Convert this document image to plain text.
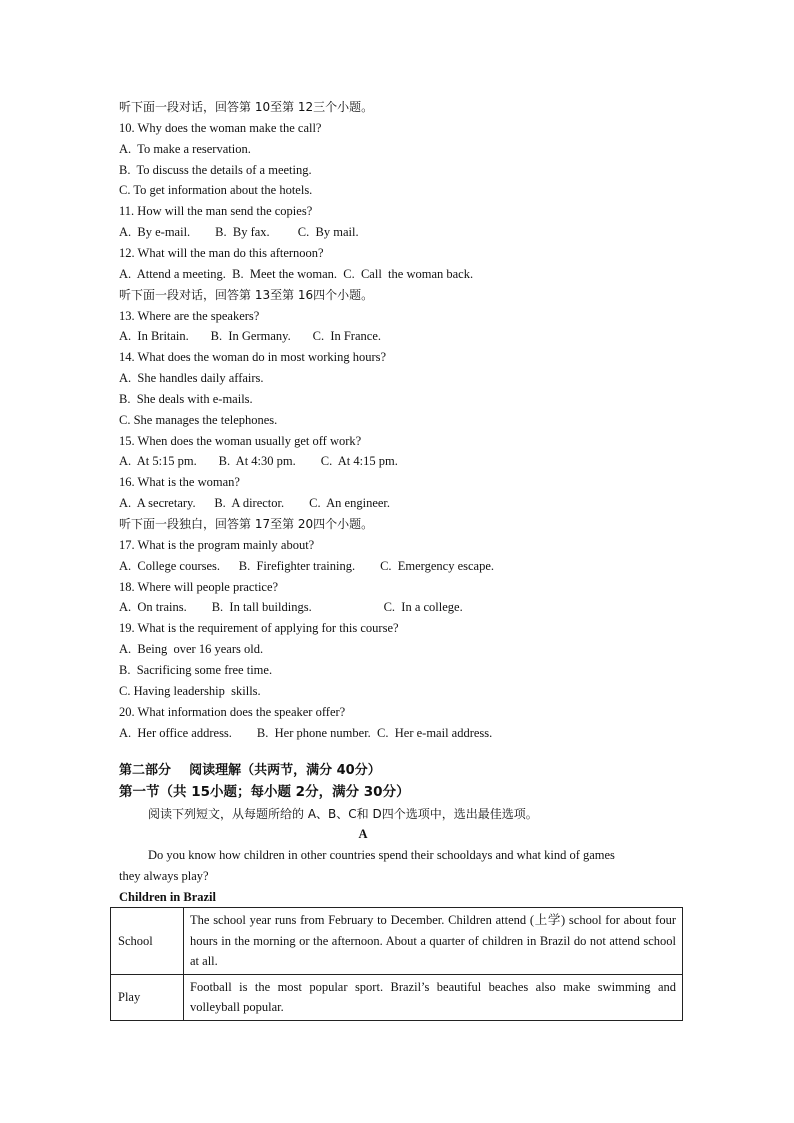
听下面一段对话，回答第 10至第 12三个小题。
10. Why does the woman make the call?
A.  To make a reservation.
B.  To discuss the details of a meeting.
C. To get information about the hotels.
11. How will the man send the copies?
A.  By e-mail.        B.  By fax.         C.  By mail.
12. What will the man do this afternoon?
A.  Attend a meeting.  B.  Meet the woman.  C.  Call  the woman back.
听下面一段对话，回答第 13至第 16四个小题。
13. Where are the speakers?
A.  In Britain.       B.  In Germany.       C.  In France.
14. What does the woman do in most working hours?
A.  She handles daily affairs.
B.  She deals with e-mails.
C. She manages the telephones.
15. When does the woman usually get off work?
A.  At 5:15 pm.       B.  At 4:30 pm.        C.  At 4:15 pm.
16. What is the woman?
A.  A secretary.      B.  A director.        C.  An engineer.
听下面一段独白，回答第 17至第 20四个小题。
17. What is the program mainly about?
A.  College courses.      B.  Firefighter training.        C.  Emergency escape.
18. Where will people practice?
A.  On trains.        B.  In tall buildings.                       C.  In a college.
19. What is the requirement of applying for this course?
A.  Being  over 16 years old.
B.  Sacrificing some free time.
C. Having leadership  skills.
20. What information does the speaker offer?
A.  Her office address.        B.  Her phone number.  C.  Her e-mail address.
第二部分    阅读理解（共两节，满分 40分）
第一节（共 15小题；每小题 2分，满分 30分）
阅读下列短文，从每题所给的 A、B、C和 D四个选项中，选出最佳选项。
A
Do you know how children in other countries spend their schooldays and what kind of games
they always play?
Children in Brazil
School	The school year runs from February to December. Children attend (上学) school for about four hours in the morning or the afternoon. About a quarter of children in Brazil do not attend school at all.
Play	Football is the most popular sport. Brazil’s beautiful beaches also make swimming and volleyball popular.
